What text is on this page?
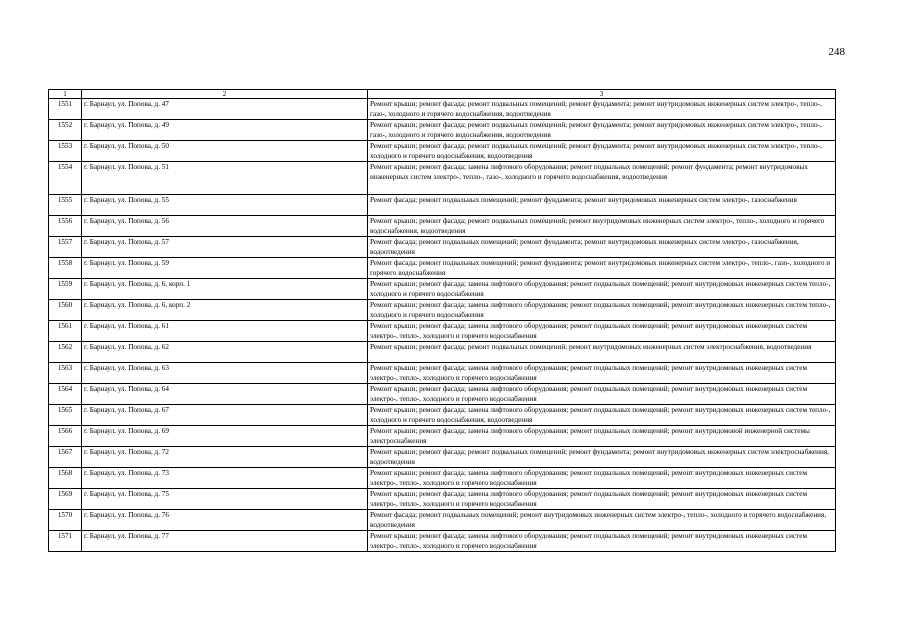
248
1	2	3
1551	г. Барнаул, ул. Попова, д. 47	Ремонт крыши; ремонт фасада; ремонт подвальных помещений; ремонт фундамента; ремонт внутридомовых инженерных систем электро-, тепло-, газо-, холодного и горячего водоснабжения, водоотведения
1552	г. Барнаул, ул. Попова, д. 49	Ремонт крыши; ремонт фасада; ремонт подвальных помещений; ремонт фундамента; ремонт внутридомовых инженерных систем электро-, тепло-, газо-, холодного и горячего водоснабжения, водоотведения
1553	г. Барнаул, ул. Попова, д. 50	Ремонт крыши; ремонт фасада; ремонт подвальных помещений; ремонт фундамента; ремонт внутридомовых инженерных систем электро-, тепло-, холодного и горячего водоснабжения, водоотведения
1554	г. Барнаул, ул. Попова, д. 51	Ремонт крыши; ремонт фасада; замена лифтового оборудования; ремонт подвальных помещений; ремонт фундамента; ремонт внутридомовых инженерных систем электро-, тепло-, газо-, холодного и горячего водоснабжения, водоотведения
1555	г. Барнаул, ул. Попова, д. 55	Ремонт фасада; ремонт подвальных помещений; ремонт фундамента; ремонт внутридомовых инженерных систем электро-, газоснабжения
1556	г. Барнаул, ул. Попова, д. 56	Ремонт крыши; ремонт фасада; ремонт подвальных помещений; ремонт внутридомовых инженерных систем электро-, тепло-, холодного и горячего водоснабжения, водоотведения
1557	г. Барнаул, ул. Попова, д. 57	Ремонт фасада; ремонт подвальных помещений; ремонт фундамента; ремонт внутридомовых инженерных систем электро-, газоснабжения, водоотведения
1558	г. Барнаул, ул. Попова, д. 59	Ремонт фасада; ремонт подвальных помещений; ремонт фундамента; ремонт внутридомовых инженерных систем электро-, тепло-, газо-, холодного и горячего водоснабжения
1559	г. Барнаул, ул. Попова, д. 6, корп. 1	Ремонт крыши; ремонт фасада; замена лифтового оборудования; ремонт подвальных помещений; ремонт внутридомовых инженерных систем тепло-, холодного и горячего водоснабжения
1560	г. Барнаул, ул. Попова, д. 6, корп. 2	Ремонт крыши; ремонт фасада; замена лифтового оборудования; ремонт подвальных помещений; ремонт внутридомовых инженерных систем тепло-, холодного и горячего водоснабжения
1561	г. Барнаул, ул. Попова, д. 61	Ремонт крыши; ремонт фасада; замена лифтового оборудования; ремонт подвальных помещений; ремонт внутридомовых инженерных систем электро-, тепло-, холодного и горячего водоснабжения
1562	г. Барнаул, ул. Попова, д. 62	Ремонт крыши; ремонт фасада; ремонт подвальных помещений; ремонт внутридомовых инженерных систем электроснабжения, водоотведения
1563	г. Барнаул, ул. Попова, д. 63	Ремонт крыши; ремонт фасада; замена лифтового оборудования; ремонт подвальных помещений; ремонт внутридомовых инженерных систем электро-, тепло-, холодного и горячего водоснабжения
1564	г. Барнаул, ул. Попова, д. 64	Ремонт крыши; ремонт фасада; замена лифтового оборудования; ремонт подвальных помещений; ремонт внутридомовых инженерных систем электро-, тепло-, холодного и горячего водоснабжения
1565	г. Барнаул, ул. Попова, д. 67	Ремонт крыши; ремонт фасада; замена лифтового оборудования; ремонт подвальных помещений; ремонт внутридомовых инженерных систем тепло-, холодного и горячего водоснабжения, водоотведения
1566	г. Барнаул, ул. Попова, д. 69	Ремонт крыши; ремонт фасада; замена лифтового оборудования; ремонт подвальных помещений; ремонт внутридомовой инженерной системы электроснабжения
1567	г. Барнаул, ул. Попова, д. 72	Ремонт крыши; ремонт фасада; ремонт подвальных помещений; ремонт фундамента; ремонт внутридомовых инженерных систем электроснабжения, водоотведения
1568	г. Барнаул, ул. Попова, д. 73	Ремонт крыши; ремонт фасада; замена лифтового оборудования; ремонт подвальных помещений; ремонт внутридомовых инженерных систем электро-, тепло-, холодного и горячего водоснабжения
1569	г. Барнаул, ул. Попова, д. 75	Ремонт крыши; ремонт фасада; замена лифтового оборудования; ремонт подвальных помещений; ремонт внутридомовых инженерных систем электро-, тепло-, холодного и горячего водоснабжения
1570	г. Барнаул, ул. Попова, д. 76	Ремонт фасада; ремонт подвальных помещений; ремонт внутридомовых инженерных систем электро-, тепло-, холодного и горячего водоснабжения, водоотведения
1571	г. Барнаул, ул. Попова, д. 77	Ремонт крыши; ремонт фасада; замена лифтового оборудования; ремонт подвальных помещений; ремонт внутридомовых инженерных систем электро-, тепло-, холодного и горячего водоснабжения
